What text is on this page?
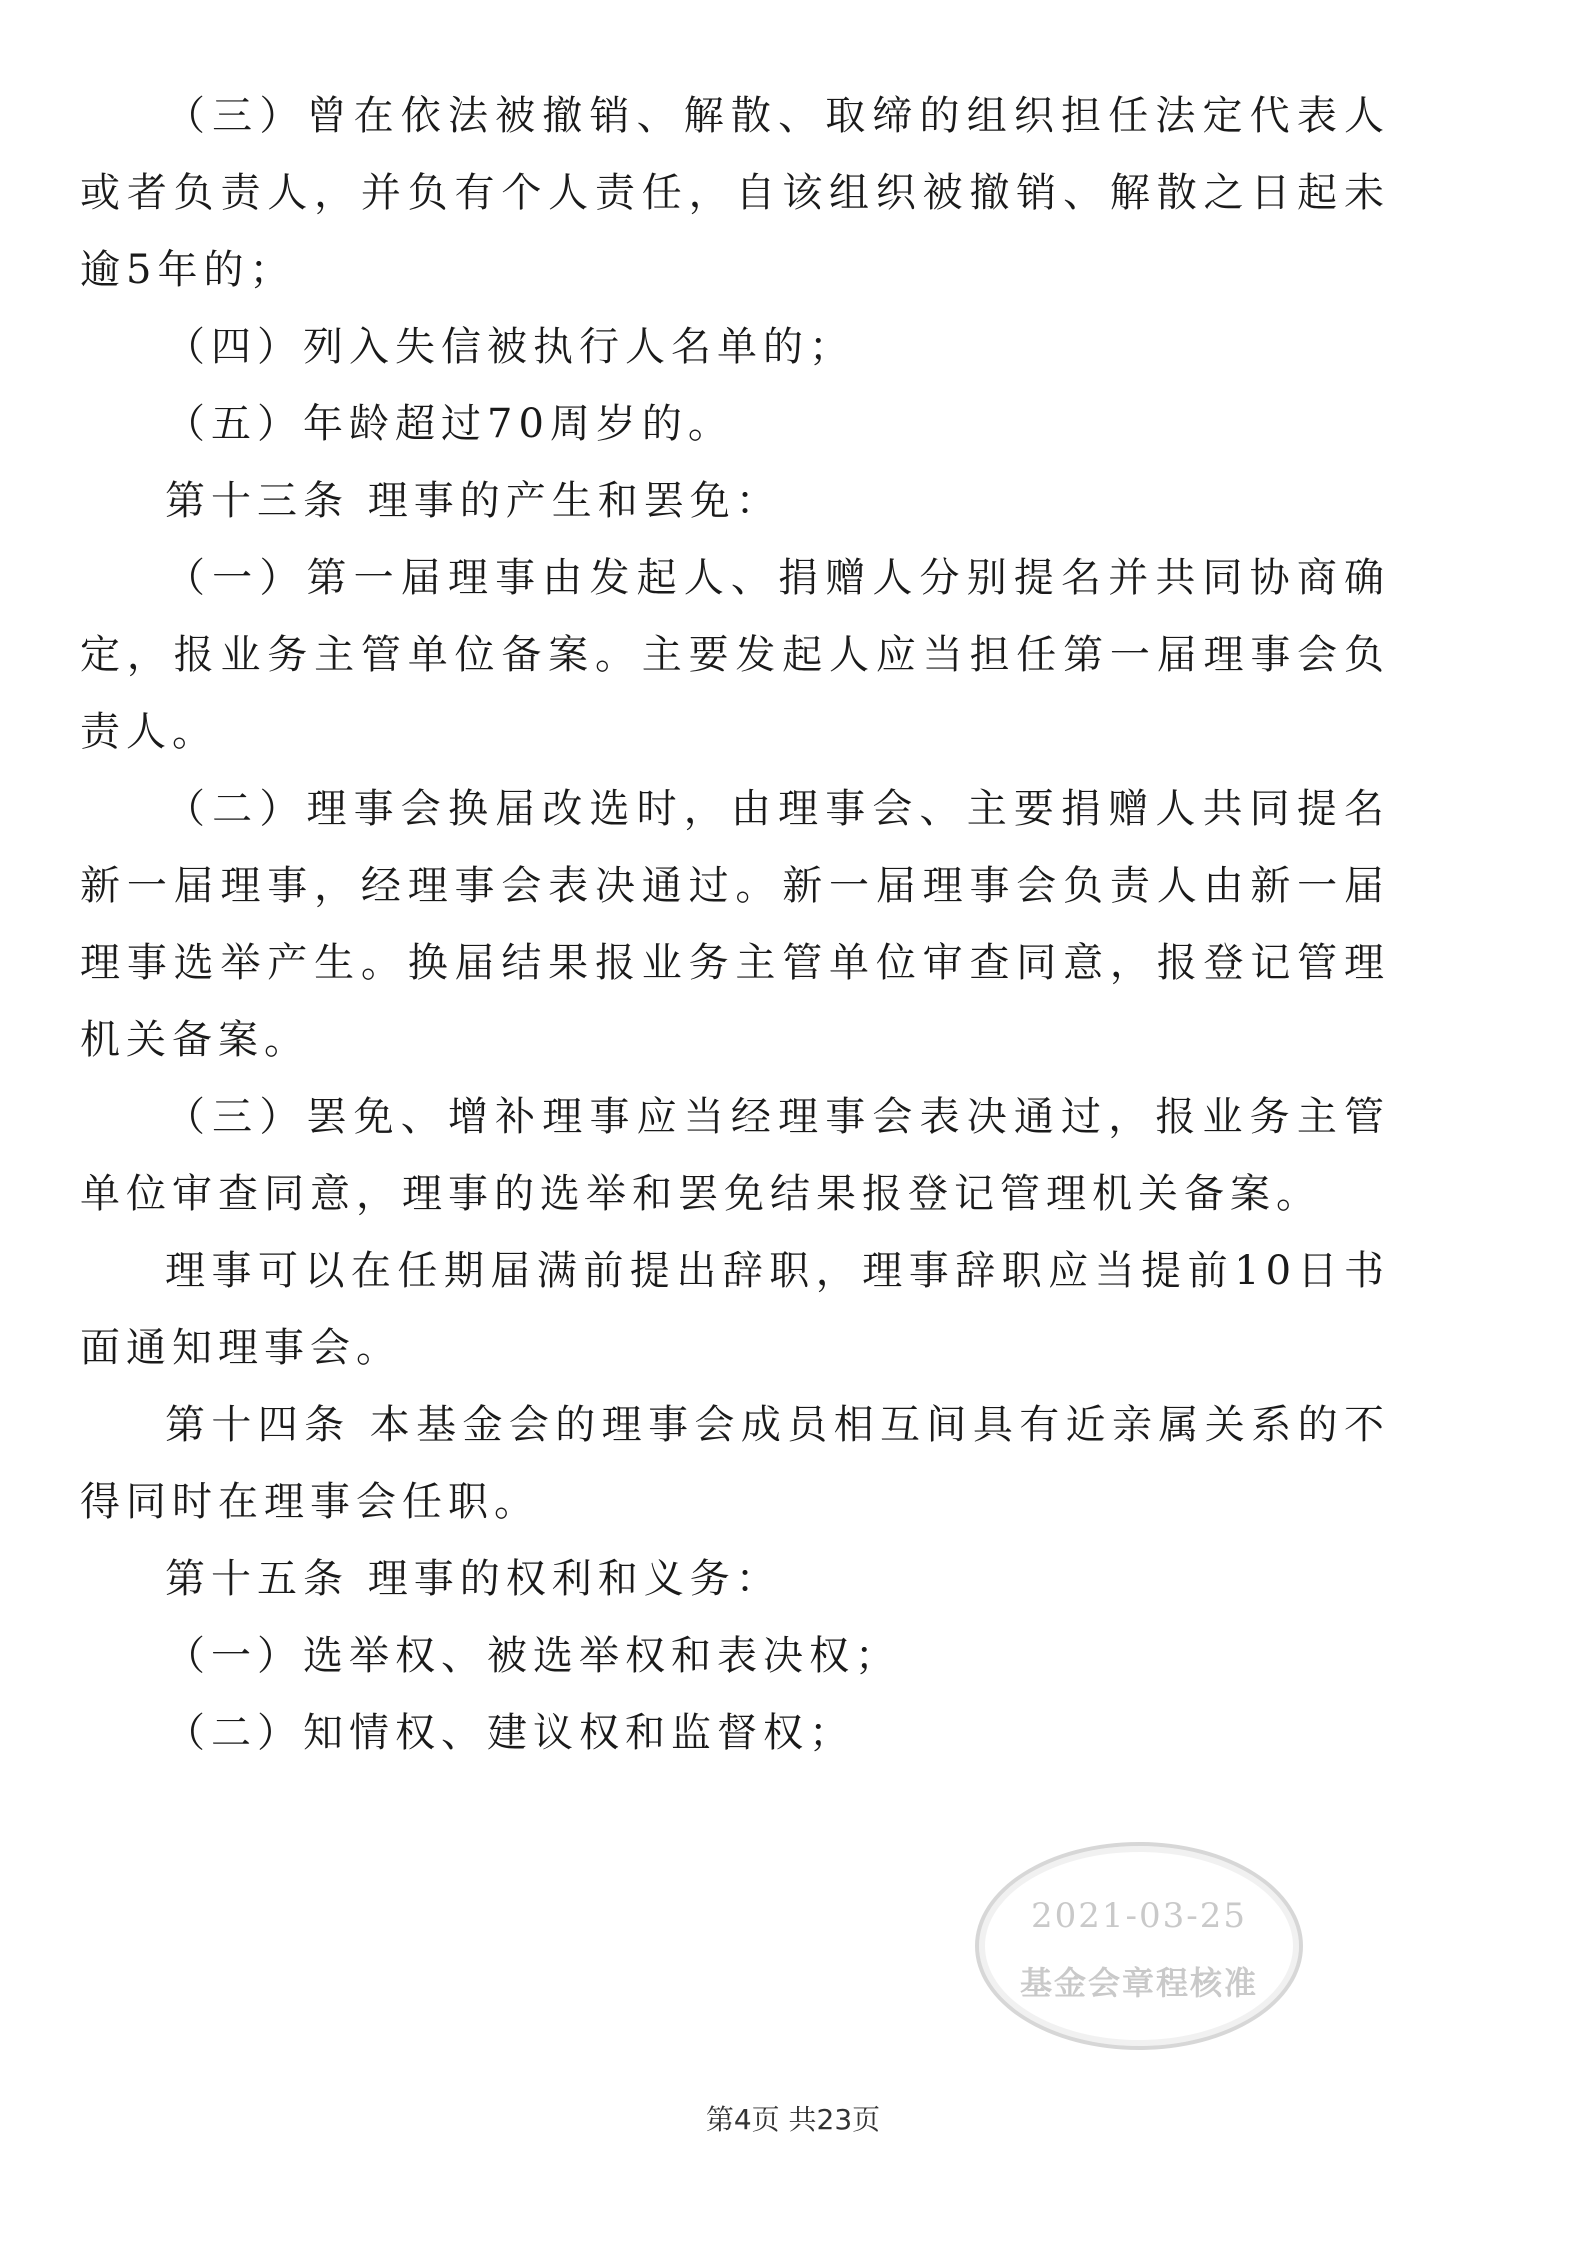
（三）曾在依法被撤销、解散、取缔的组织担任法定代表人或者负责人，并负有个人责任，自该组织被撤销、解散之日起未逾5年的；

（四）列入失信被执行人名单的；

（五）年龄超过70周岁的。

第十三条 理事的产生和罢免：

（一）第一届理事由发起人、捐赠人分别提名并共同协商确定，报业务主管单位备案。主要发起人应当担任第一届理事会负责人。

（二）理事会换届改选时，由理事会、主要捐赠人共同提名新一届理事，经理事会表决通过。新一届理事会负责人由新一届理事选举产生。换届结果报业务主管单位审查同意，报登记管理机关备案。

（三）罢免、增补理事应当经理事会表决通过，报业务主管单位审查同意，理事的选举和罢免结果报登记管理机关备案。

理事可以在任期届满前提出辞职，理事辞职应当提前10日书面通知理事会。

第十四条 本基金会的理事会成员相互间具有近亲属关系的不得同时在理事会任职。

第十五条 理事的权利和义务：

（一）选举权、被选举权和表决权；

（二）知情权、建议权和监督权；

2021-03-25
基金会章程核准
第4页 共23页
